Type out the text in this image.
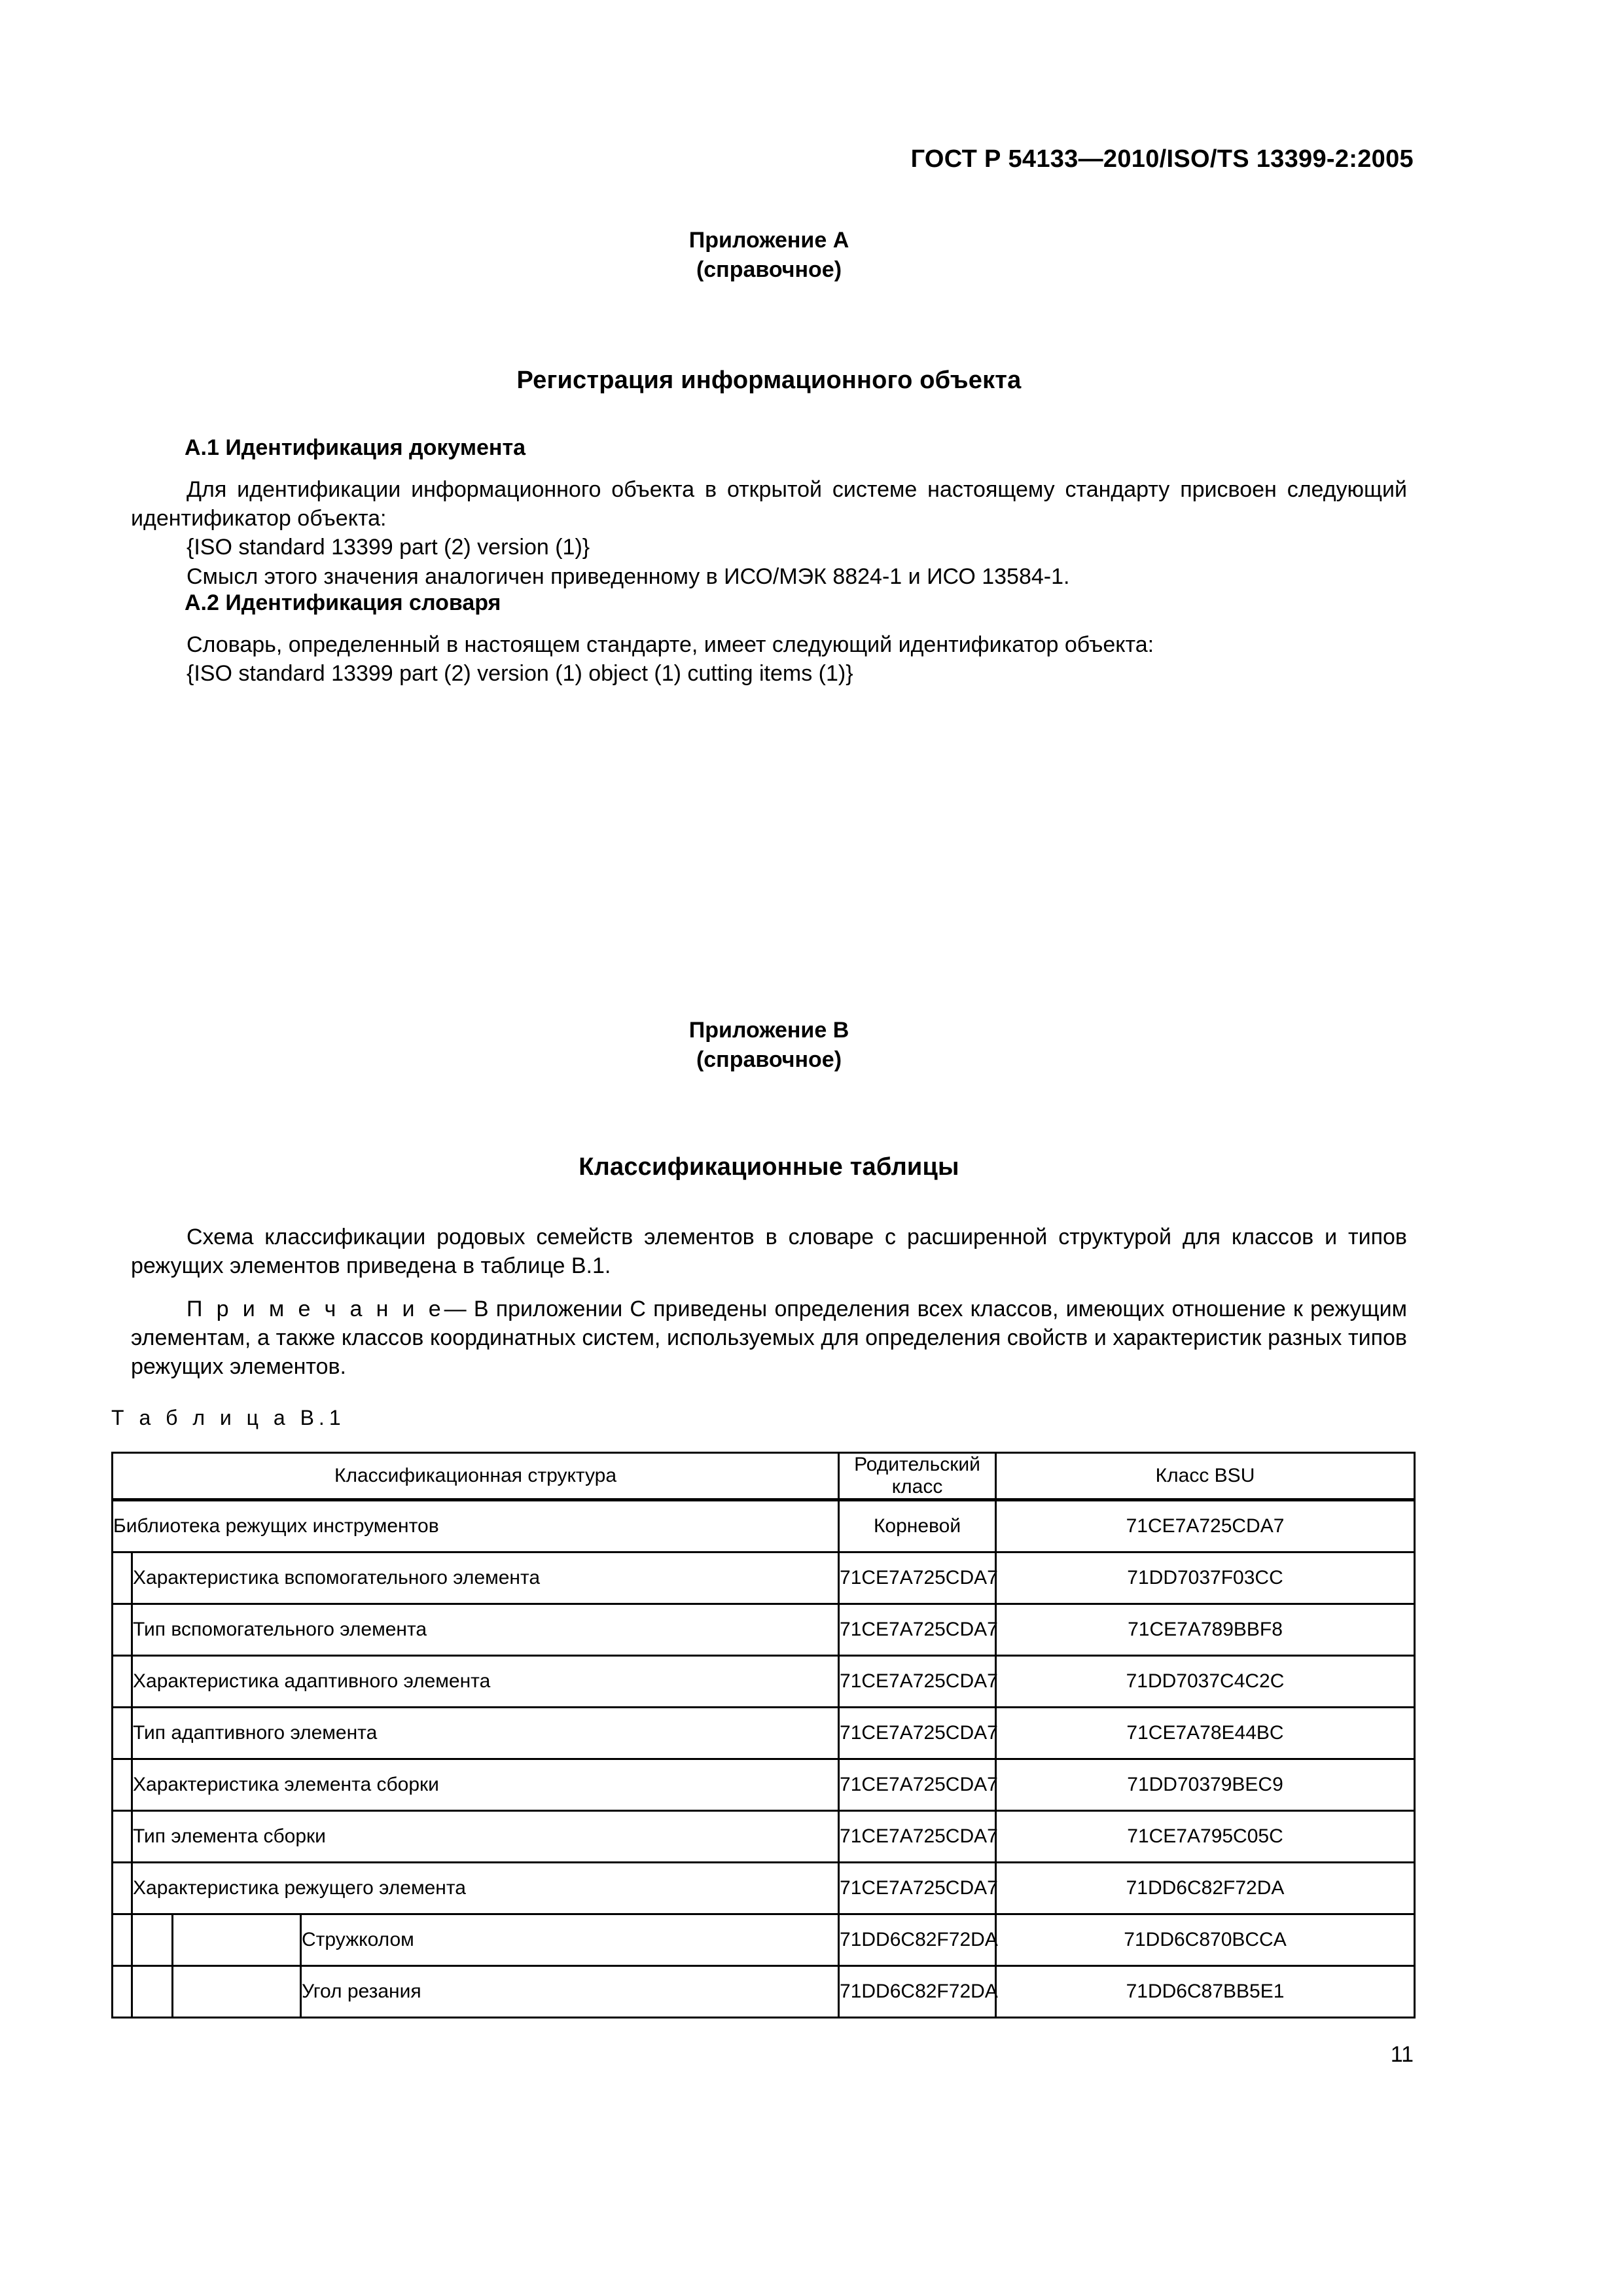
ГОСТ Р 54133—2010/ISO/TS 13399-2:2005
Приложение А
(справочное)
Регистрация информационного объекта
А.1 Идентификация документа

Для идентификации информационного объекта в открытой системе настоящему стандарту присвоен следующий идентификатор объекта:

{ISO standard 13399 part (2) version (1)}
Смысл этого значения аналогичен приведенному в ИСО/МЭК 8824-1 и ИСО 13584-1.
А.2 Идентификация словаря

Словарь, определенный в настоящем стандарте, имеет следующий идентификатор объекта:

{ISO standard 13399 part (2) version (1) object (1) cutting items (1)}
Приложение В
(справочное)
Классификационные таблицы

Схема классификации родовых семейств элементов в словаре с расширенной структурой для классов и типов режущих элементов приведена в таблице В.1.

П р и м е ч а н и е— В приложении С приведены определения всех классов, имеющих отношение к режущим элементам, а также классов координатных систем, используемых для определения свойств и характеристик разных типов режущих элементов.

Т а б л и ц а В.1
Классификационная структура				Родительский класс	Класс BSU
Библиотека режущих инструментов				Корневой	71CE7A725CDA7
	Характеристика вспомогательного элемента			71CE7A725CDA7	71DD7037F03CC
	Тип вспомогательного элемента			71CE7A725CDA7	71CE7A789BBF8
	Характеристика адаптивного элемента			71CE7A725CDA7	71DD7037C4C2C
	Тип адаптивного элемента			71CE7A725CDA7	71CE7A78E44BC
	Характеристика элемента сборки			71CE7A725CDA7	71DD70379BEC9
	Тип элемента сборки			71CE7A725CDA7	71CE7A795C05C
	Характеристика режущего элемента			71CE7A725CDA7	71DD6C82F72DA
			Стружколом	71DD6C82F72DA	71DD6C870BCCA
			Угол резания	71DD6C82F72DA	71DD6C87BB5E1
11
